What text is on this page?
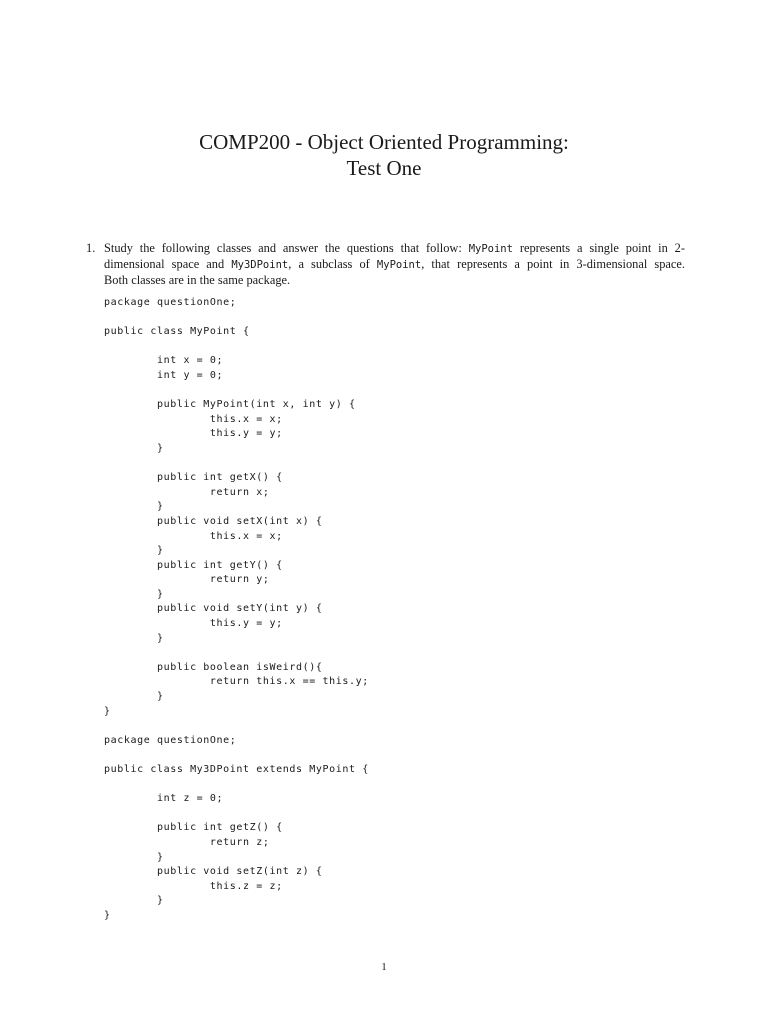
COMP200 - Object Oriented Programming:
Test One
1. Study the following classes and answer the questions that follow: MyPoint represents a single point in 2-
dimensional space and My3DPoint, a subclass of MyPoint, that represents a point in 3-dimensional space.
Both classes are in the same package.
package questionOne;
public class MyPoint {
int x = 0;
int y = 0;
public MyPoint(int x, int y) {
this.x = x;
this.y = y;
}
public int getX() {
return x;
}
public void setX(int x) {
this.x = x;
}
public int getY() {
return y;
}
public void setY(int y) {
this.y = y;
}
public boolean isWeird(){
return this.x == this.y;
}
}
package questionOne;
public class My3DPoint extends MyPoint {
int z = 0;
public int getZ() {
return z;
}
public void setZ(int z) {
this.z = z;
}
}
1
